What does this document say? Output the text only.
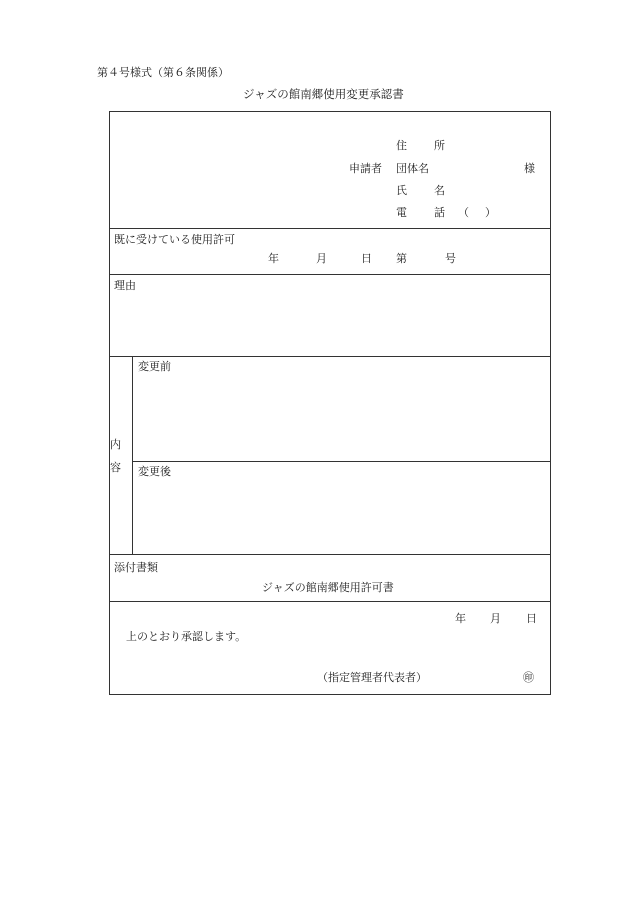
第４号様式（第６条関係）
ジャズの館南郷使用変更承認書
住　所
申請者 団体名	様
氏　名
電　話 （ ）
既に受けている使用許可
年	月	日 第	号
理由
内
容
変更前
変更後
添付書類
ジャズの館南郷使用許可書
年 月 日
上のとおり承認します。
（指定管理者代表者）	㊞
